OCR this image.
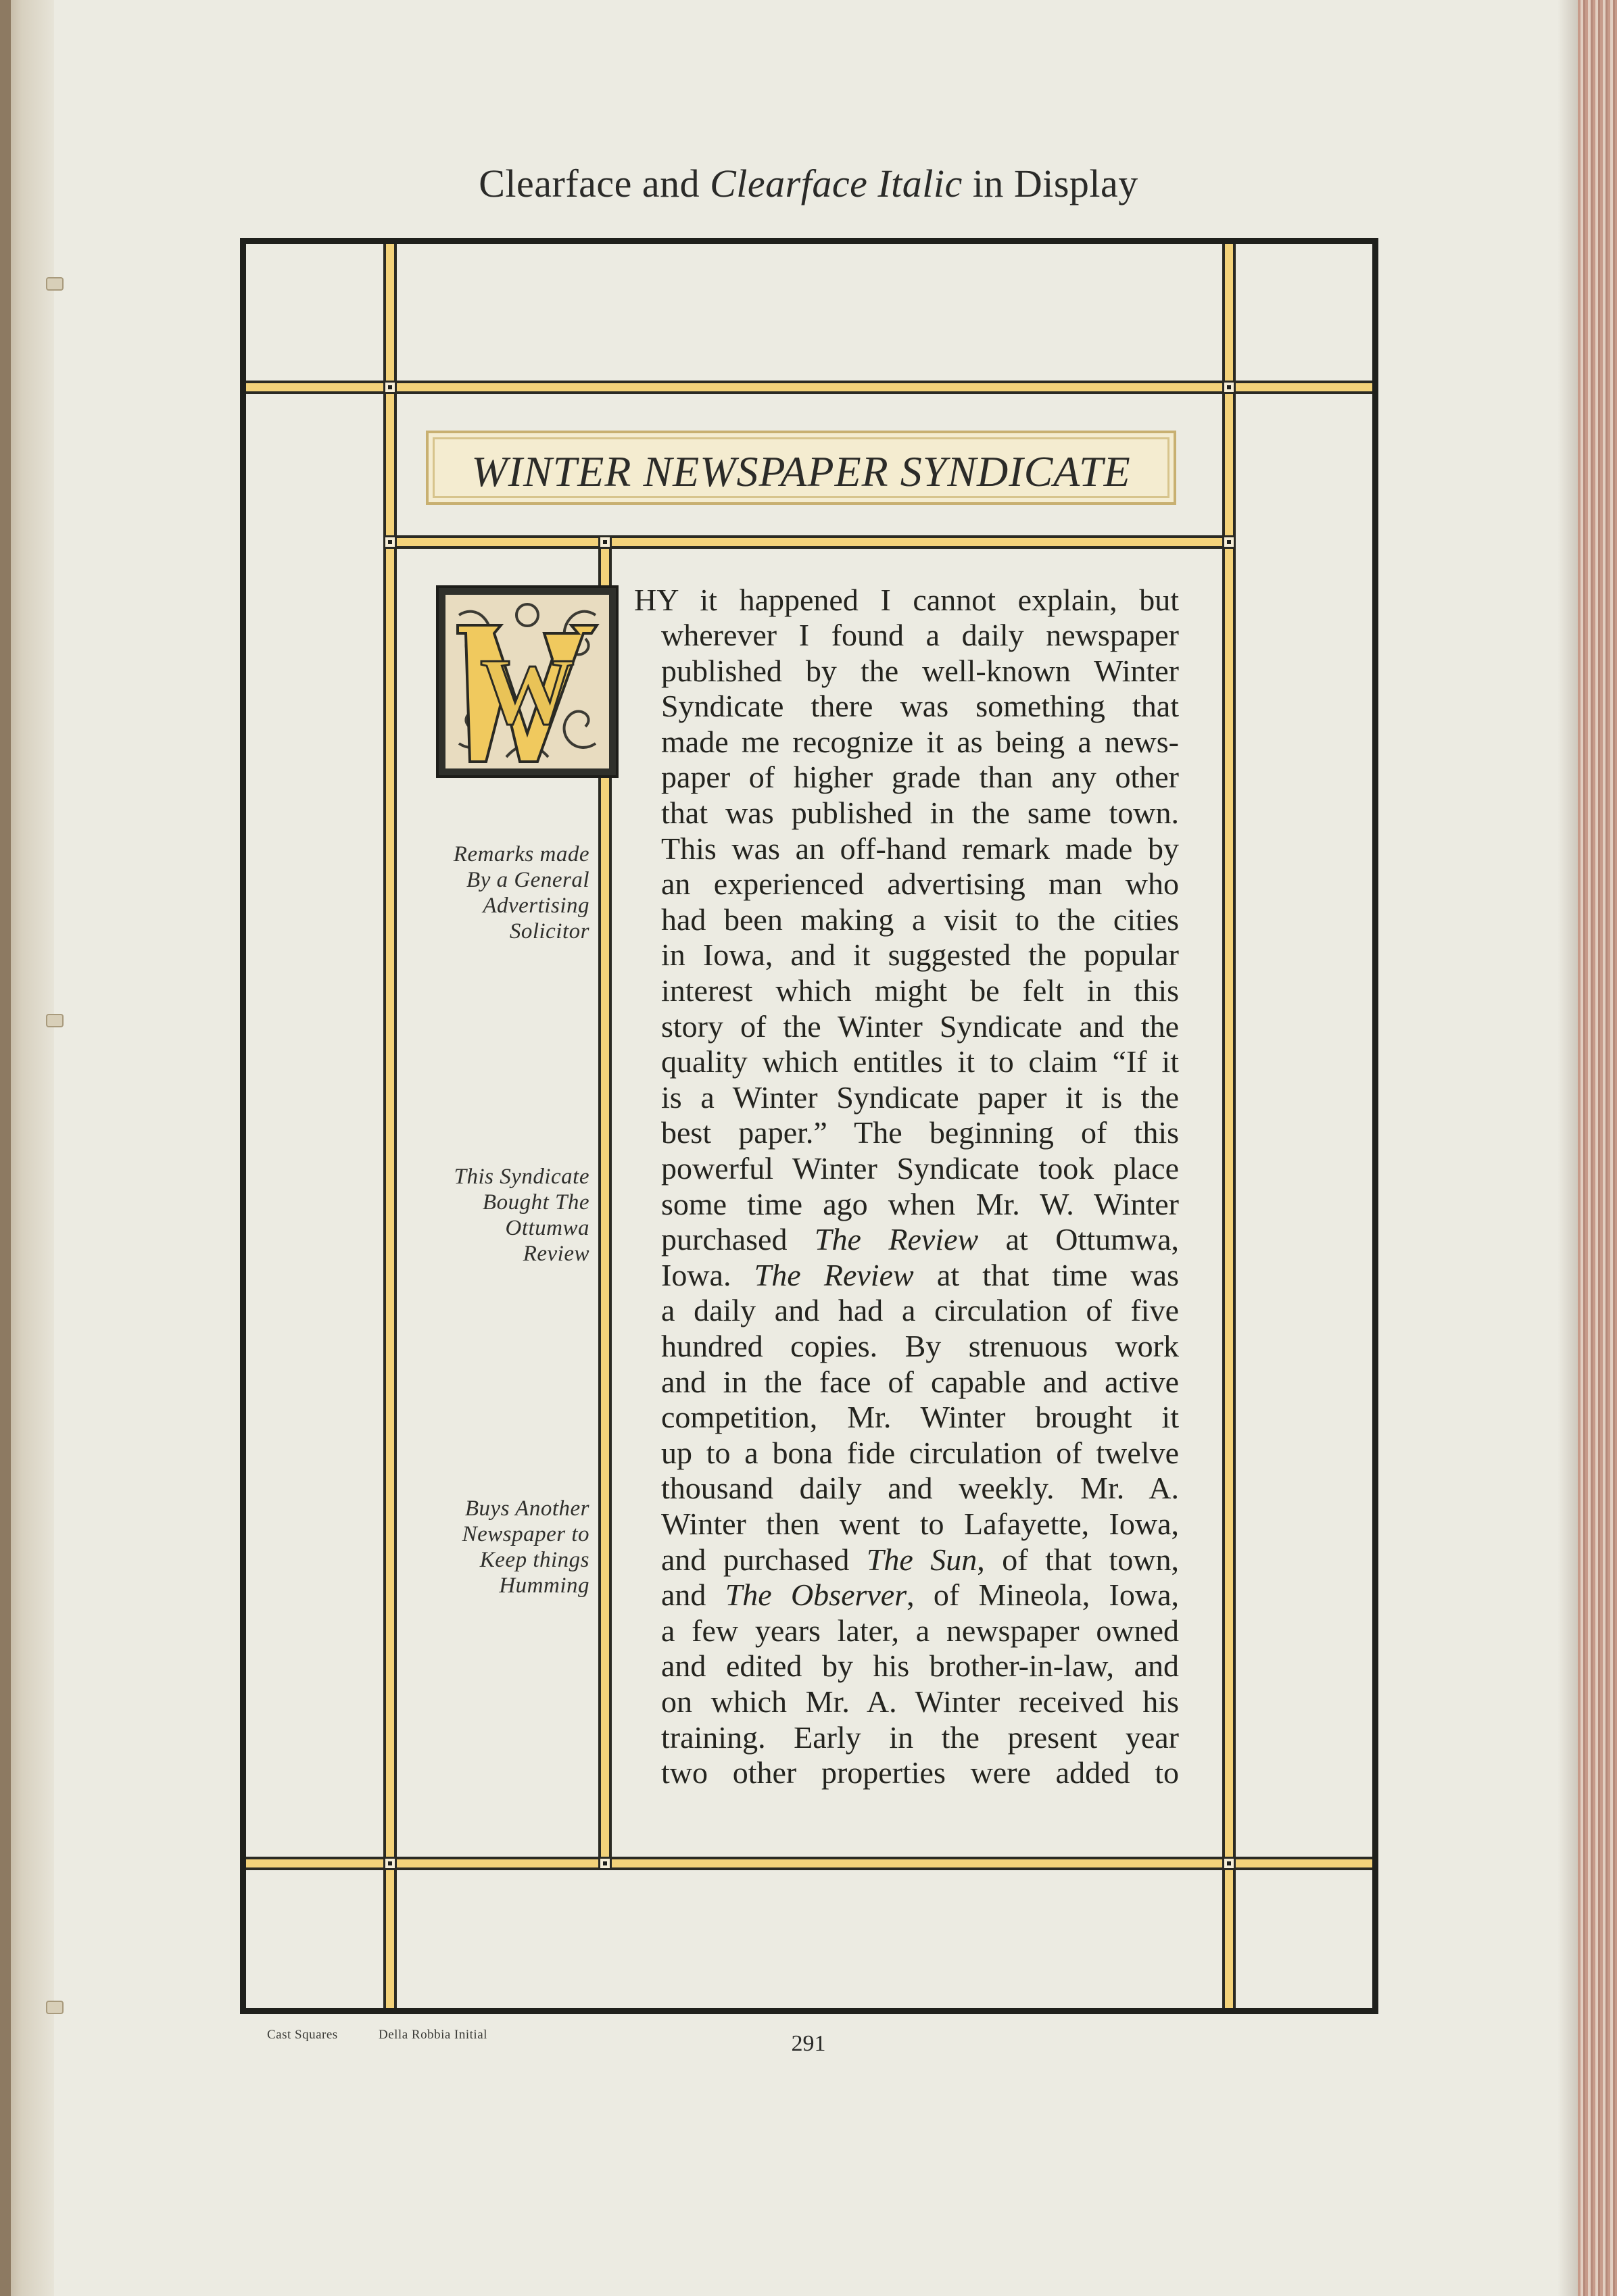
Clearface and Clearface Italic in Display
WINTER NEWSPAPER SYNDICATE
W
Remarks made
By a General
Advertising
Solicitor
This Syndicate
Bought The
Ottumwa
Review
Buys Another
Newspaper to
Keep things
Humming
HY it happened I cannot explain, but
wherever I found a daily newspaper
published by the well-known Winter
Syndicate there was something that
made me recognize it as being a news-
paper of higher grade than any other
that was published in the same town.
This was an off-hand remark made by
an experienced advertising man who
had been making a visit to the cities
in Iowa, and it suggested the popular
interest which might be felt in this
story of the Winter Syndicate and the
quality which entitles it to claim “If it
is a Winter Syndicate paper it is the
best paper.” The beginning of this
powerful Winter Syndicate took place
some time ago when Mr. W. Winter
purchased The Review at Ottumwa,
Iowa. The Review at that time was
a daily and had a circulation of five
hundred copies. By strenuous work
and in the face of capable and active
competition, Mr. Winter brought it
up to a bona fide circulation of twelve
thousand daily and weekly. Mr. A.
Winter then went to Lafayette, Iowa,
and purchased The Sun, of that town,
and The Observer, of Mineola, Iowa,
a few years later, a newspaper owned
and edited by his brother-in-law, and
on which Mr. A. Winter received his
training. Early in the present year
two other properties were added to
Cast Squares	Della Robbia Initial	291
